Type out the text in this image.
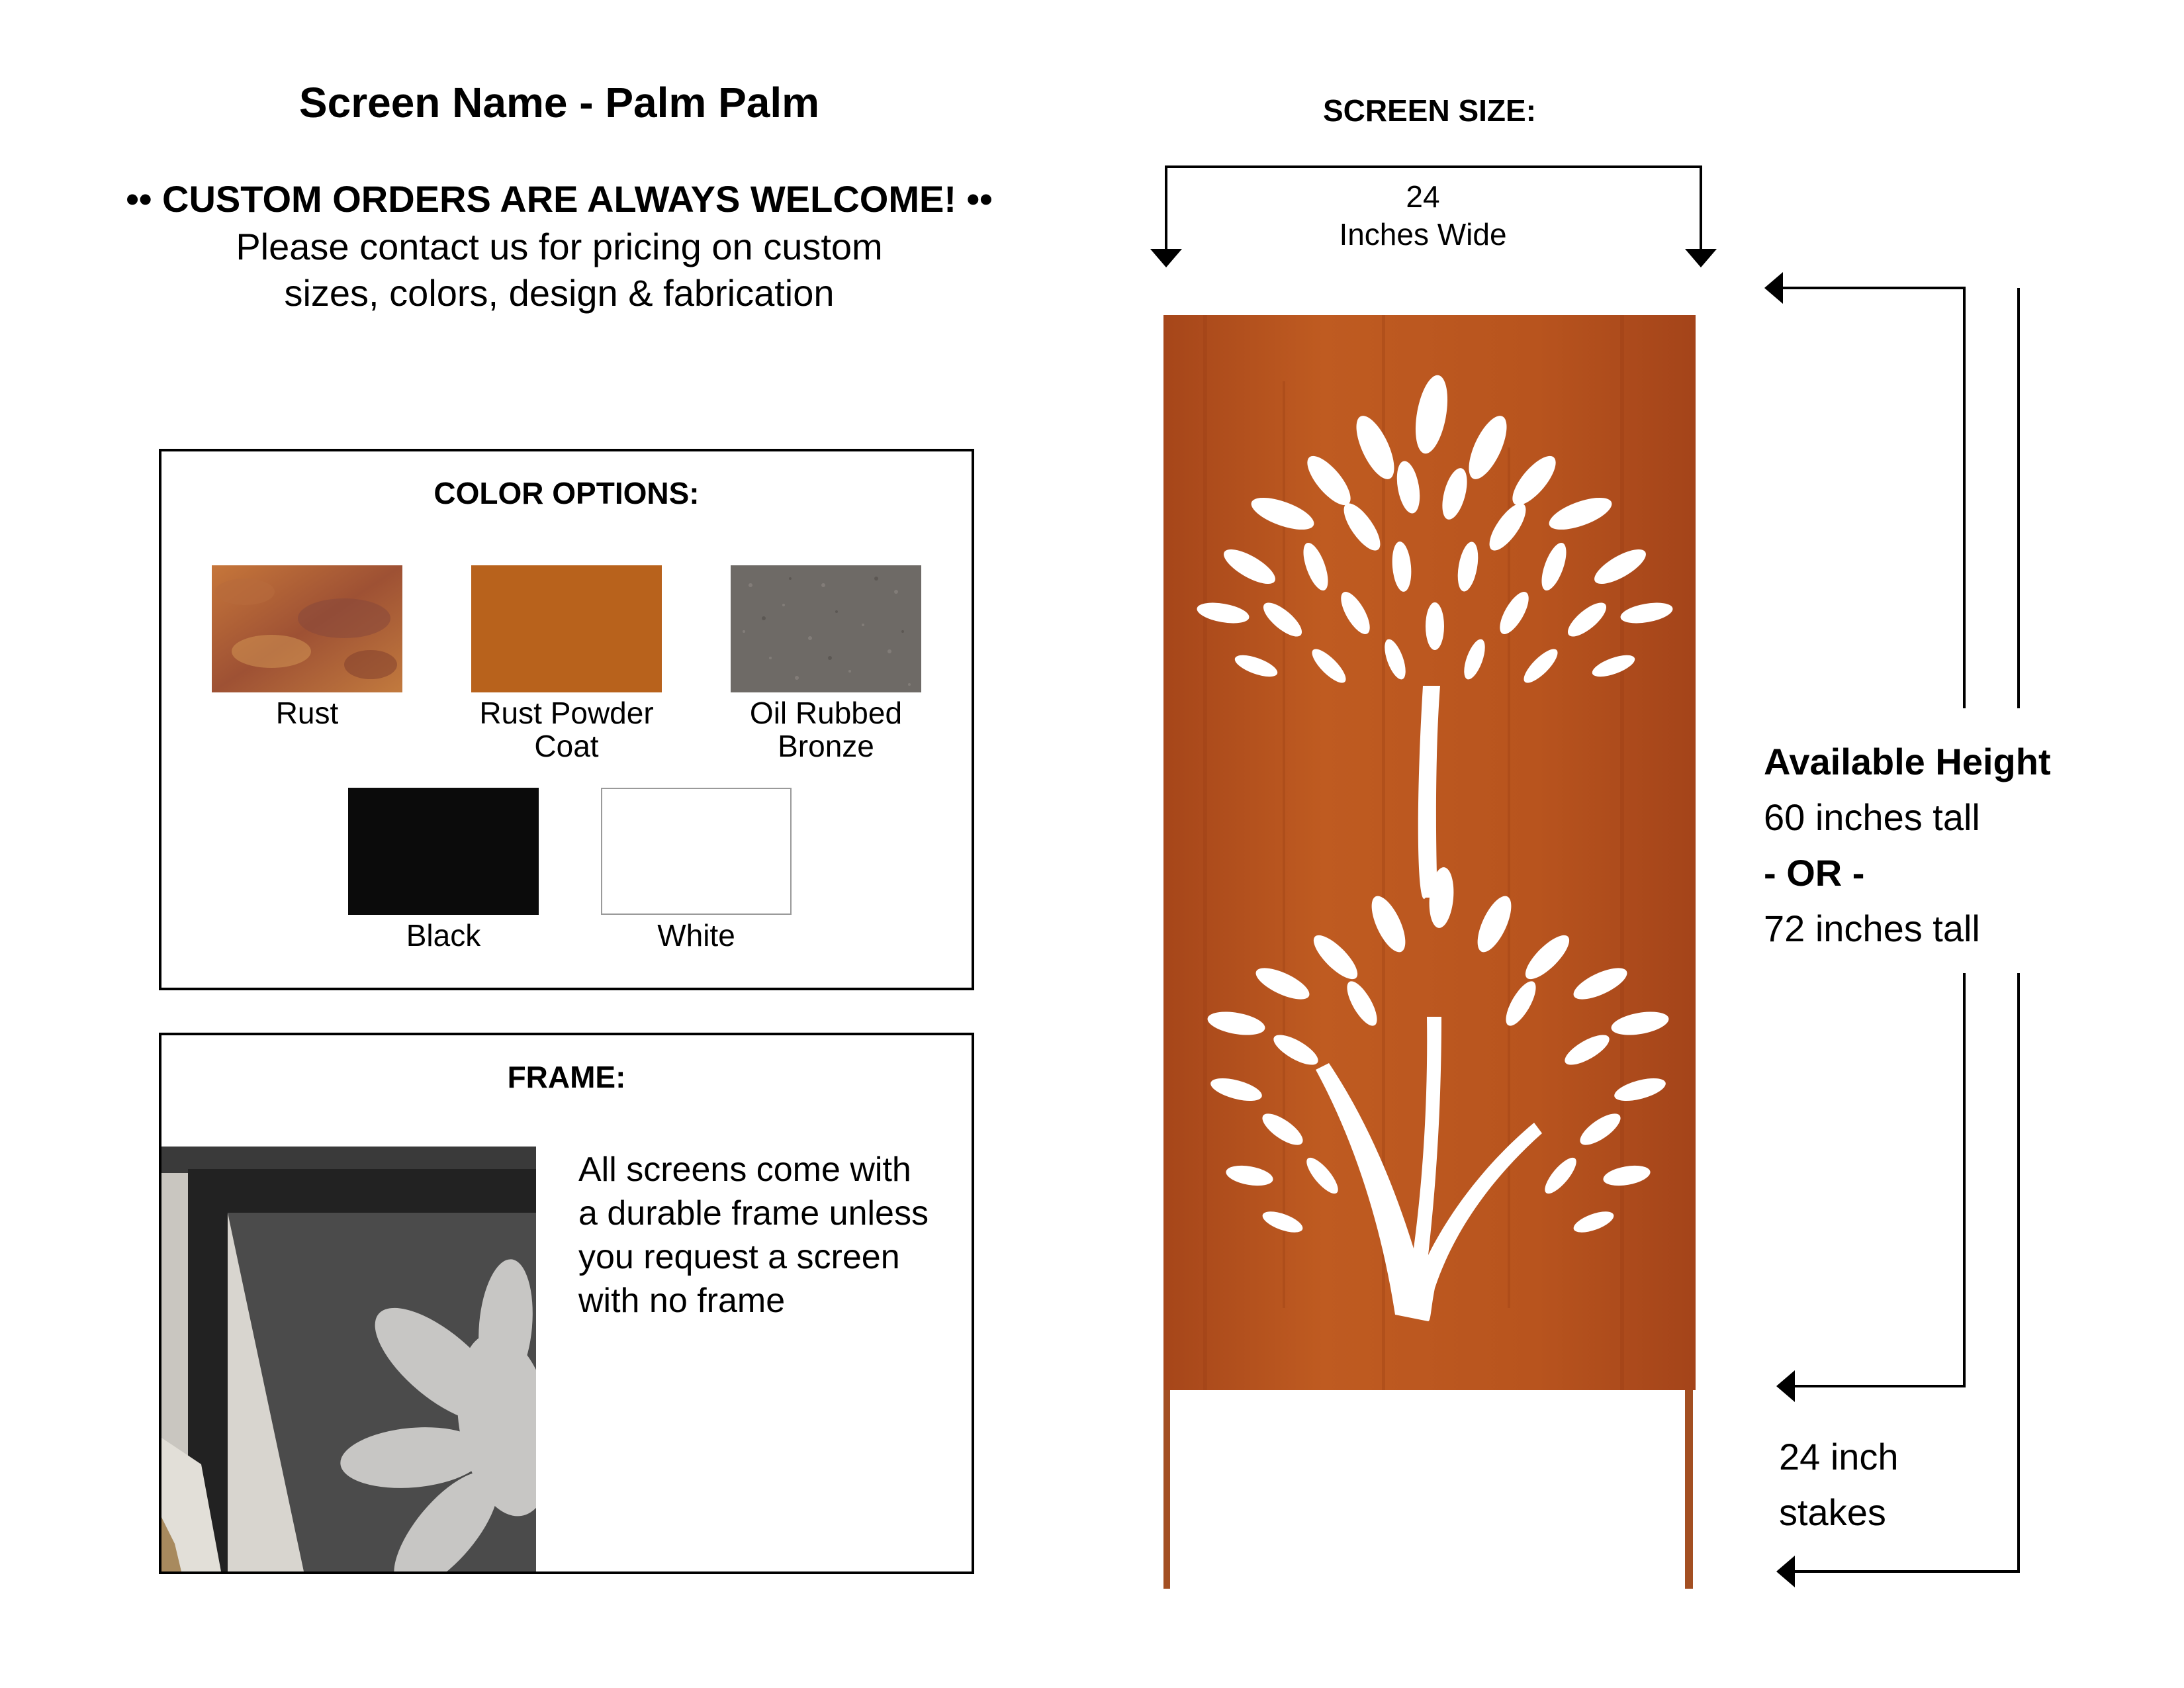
Screen Name - Palm Palm
•• CUSTOM ORDERS ARE ALWAYS WELCOME! ••
Please contact us for pricing on custom
sizes, colors, design & fabrication
COLOR OPTIONS:
Rust	Rust Powder
Coat
Oil Rubbed
Bronze
Black	White
FRAME:
All screens come with
a durable frame unless
you request a screen
with no frame
SCREEN SIZE:
24
Inches Wide
Available Height
60 inches tall
- OR -
72 inches tall
24 inch
stakes
